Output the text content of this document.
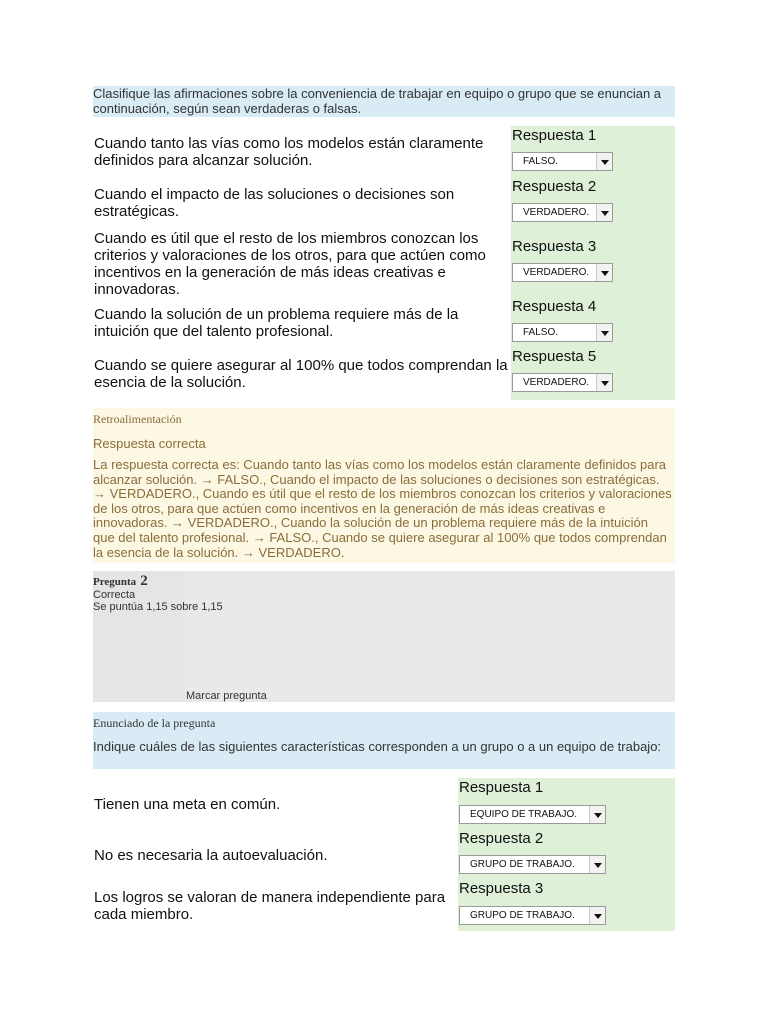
Clasifique las afirmaciones sobre la conveniencia de trabajar en equipo o grupo que se enuncian a continuación, según sean verdaderas o falsas.
Cuando tanto las vías como los modelos están claramente definidos para alcanzar solución.
Respuesta 1
FALSO.
Cuando el impacto de las soluciones o decisiones son estratégicas.
Respuesta 2
VERDADERO.
Cuando es útil que el resto de los miembros conozcan los criterios y valoraciones de los otros, para que actúen como incentivos en la generación de más ideas creativas e innovadoras.
Respuesta 3
VERDADERO.
Cuando la solución de un problema requiere más de la intuición que del talento profesional.
Respuesta 4
FALSO.
Cuando se quiere asegurar al 100% que todos comprendan la esencia de la solución.
Respuesta 5
VERDADERO.
Retroalimentación
Respuesta correcta
La respuesta correcta es: Cuando tanto las vías como los modelos están claramente definidos para alcanzar solución. → FALSO., Cuando el impacto de las soluciones o decisiones son estratégicas. → VERDADERO., Cuando es útil que el resto de los miembros conozcan los criterios y valoraciones de los otros, para que actúen como incentivos en la generación de más ideas creativas e innovadoras. → VERDADERO., Cuando la solución de un problema requiere más de la intuición que del talento profesional. → FALSO., Cuando se quiere asegurar al 100% que todos comprendan la esencia de la solución. → VERDADERO.
Pregunta 2
Correcta
Se puntúa 1,15 sobre 1,15
Marcar pregunta
Enunciado de la pregunta
Indique cuáles de las siguientes características corresponden a un grupo o a un equipo de trabajo:
Tienen una meta en común.
Respuesta 1
EQUIPO DE TRABAJO.
No es necesaria la autoevaluación.
Respuesta 2
GRUPO DE TRABAJO.
Los logros se valoran de manera independiente para cada miembro.
Respuesta 3
GRUPO DE TRABAJO.
